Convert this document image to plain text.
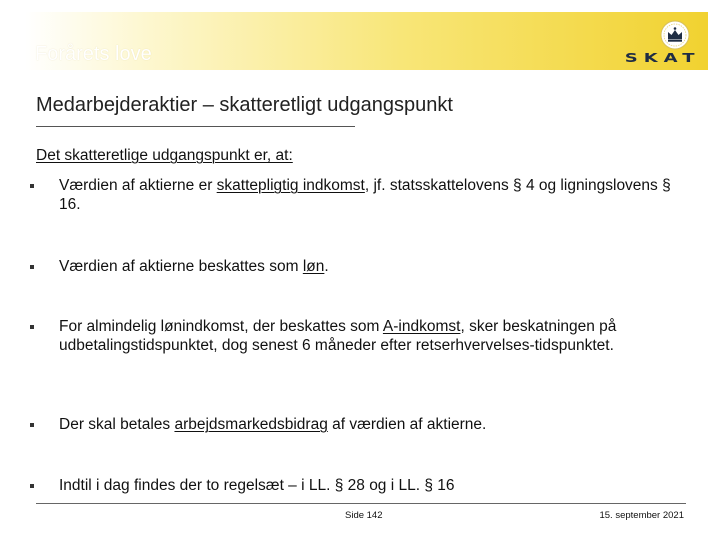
Forårets love	SKAT
Medarbejderaktier – skatteretligt udgangspunkt
Det skatteretlige udgangspunkt er, at:
Værdien af aktierne er skattepligtig indkomst, jf. statsskattelovens § 4 og ligningslovens § 16.
Værdien af aktierne beskattes som løn.
For almindelig lønindkomst, der beskattes som A-indkomst, sker beskatningen på udbetalingstidspunktet, dog senest 6 måneder efter retserhvervelses-tidspunktet.
Der skal betales arbejdsmarkedsbidrag af værdien af aktierne.
Indtil i dag findes der to regelsæt – i LL. § 28 og i LL. § 16
Side 142	15. september 2021
